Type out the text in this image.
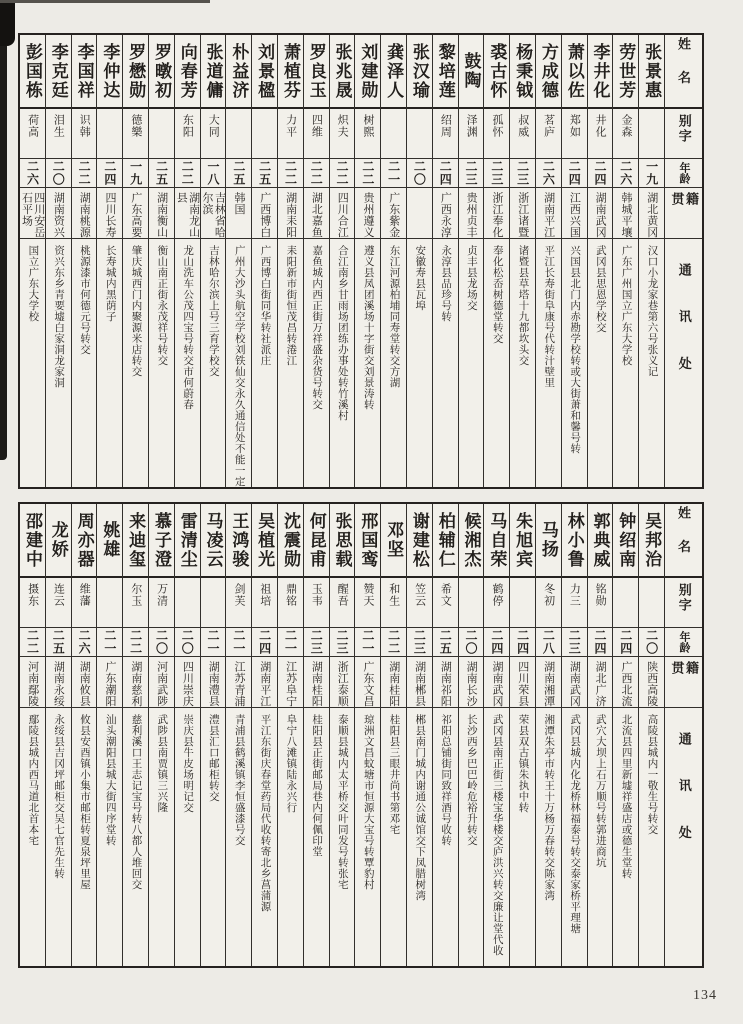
姓名
别字
年龄
籍贯
通讯处
张景惠
一九
湖北黄冈
汉口小龙家巷第六号张义记
劳世芳
金森
二六
韩城平壤
广东广州国立广东大学校
李井化
井化
二四
湖南武冈
武冈县思恩学校交
萧以佐
郑如
二四
江西兴国
兴国县北门内赤勘学校转或大街萧和馨号转
方成德
茗庐
二六
湖南平江
平江长寿街阜康号代转汁壁里
杨秉钺
叔威
二三
浙江诸暨
诸暨县草塔十九都坎头交
裘古怀
孤怀
二三
浙江奉化
奉化松岙树德堂转交
鼓陶
泽渊
二三
贵州贞丰
贞丰县龙场交
黎培莲
绍周
二四
广西永淳
永淳县品珍号转
张汉瑜
二〇
安徽寿县瓦埠
龚泽人
二一
广东紫金
东江河源柏埔同寿堂转交方湖
刘建勋
树熙
二二
贵州遵义
遵义县凤团溪场十字街交刘景涛转
张兆晟
炽夫
二二
四川合江
合江南乡甘雨场团练办事处转竹溪村
罗良玉
四维
二二
湖北嘉鱼
嘉鱼城内西正街万祥盛杂货号转交
萧植芬
力平
二二
湖南耒阳
耒阳新市街恒茂昌转淃江
刘景楹
二五
广西博白
广西博白街同华转社派庄
朴益济
二五
韩国
广州大沙头航空学校刘铁仙交永久通信处不能一定
张道傭
大同
一八
吉林省哈尔滨
吉林哈尔滨上号三育学校交
向春芳
东阳
二二
湖南龙山县
龙山洗车公茂四宝号转交市何蔚春
罗暾初
二五
湖南衡山
衡山南正街永茂祥号转交
罗懋勋
德樂
一九
广东高要
肇庆城西门内聚源米店转交
李仲达
二四
四川长寿
长寿城内黑荫子
李国祥
识韩
二二
湖南桃源
桃源漆市何德元号转交
李克廷
泪生
二〇
湖南资兴
资兴东乡青要墟白家洞龙家洞
彭国栋
荷高
二六
四川安岳石平场
国立广东大学校
姓名
别字
年龄
籍贯
通讯处
吴邦治
二〇
陕西高陵
高陵县城内一敬生号转交
钟绍南
二四
广西北流
北流县四里新墟祥盛店或德生堂转
郭典威
铭勋
二四
湖北广济
武穴大坝上石万顺号转郭进商坑
林小鲁
力三
二三
湖南武冈
武冈县城内化龙桥林福泰号转交泰家桥平理塘
马扬
冬初
二八
湖南湘潭
湘潭朱亭市转王十万杨万春转交陈家湾
朱旭宾
二四
四川荣县
荣县双古镇朱执中转
马自荣
鹤停
二四
湖南武冈
武冈县南正街三楼宝华楼交庐洪兴转交廉让堂代收
候湘杰
二〇
湖南长沙
长沙西乡巴巴岭危裕升转交
柏辅仁
希文
二五
湖南祁阳
祁阳总铺街同致祥酒号收转
谢建松
笠云
二三
湖南郴县
郴县南门城内谢通公诚馆交下凤腊树湾
邓坚
和生
二二
湖南桂阳
桂阳县三眼井尚书第邓宅
邢国鸾
赞天
二一
广东文昌
琼洲文昌蚊塘市恒源大宝号转覃豹村
张思载
醒吾
二三
浙江泰顺
泰顺县城内太平桥交叶同发号转张宅
何昆甫
玉韦
二三
湖南桂阳
桂阳县正街邮局巷内何佩印堂
沈震勋
鼎铭
二一
江苏阜宁
阜宁八滩镇陆永兴行
吴植光
祖培
二四
湖南平江
平江东街庆春堂药局代收转寄北乡菖蒲源
王鸿骏
剑芙
二一
江苏青浦
青浦县鹤溪镇李恒盛漆号交
马凌云
二一
湖南澧县
澧县汇口邮柜转交
雷清尘
二〇
四川崇庆
崇庆县牛皮场明记交
慕子澄
万清
二〇
河南武陟
武陟县南贾镇三兴隆
来迪玺
尔玉
二二
湖南慈利
慈利溪口王志记宝号转八都人堆回交
姚雄
二一
广东潮阳
汕头潮阳县城大街四序堂转
周亦器
维藩
二六
湖南攸县
攸县安酉镇小集市邮柜转夏泉坪里屋
龙娇
连云
二五
湖南永绥
永绥县吉冈坪邮柜交吴七官先生转
邵建中
摄东
二二
河南鄢陵
鄢陵县城内西马道北首本宅
134
